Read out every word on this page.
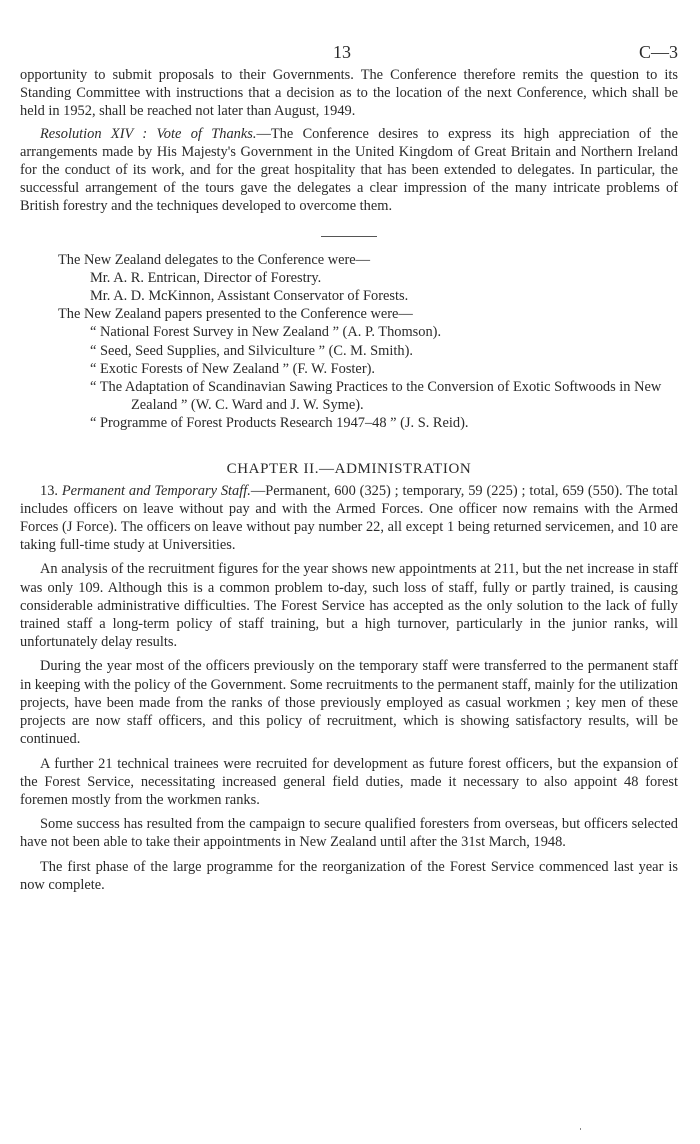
13	C—3

opportunity to submit proposals to their Governments. The Conference therefore remits the question to its Standing Committee with instructions that a decision as to the location of the next Conference, which shall be held in 1952, shall be reached not later than August, 1949.

Resolution XIV : Vote of Thanks.—The Conference desires to express its high appreciation of the arrangements made by His Majesty's Government in the United Kingdom of Great Britain and Northern Ireland for the conduct of its work, and for the great hospitality that has been extended to delegates. In particular, the successful arrangement of the tours gave the delegates a clear impression of the many intricate problems of British forestry and the techniques developed to overcome them.

The New Zealand delegates to the Conference were—
Mr. A. R. Entrican, Director of Forestry.
Mr. A. D. McKinnon, Assistant Conservator of Forests.
The New Zealand papers presented to the Conference were—
“ National Forest Survey in New Zealand ” (A. P. Thomson).
“ Seed, Seed Supplies, and Silviculture ” (C. M. Smith).
“ Exotic Forests of New Zealand ” (F. W. Foster).
“ The Adaptation of Scandinavian Sawing Practices to the Conversion of Exotic Softwoods in New Zealand ” (W. C. Ward and J. W. Syme).
“ Programme of Forest Products Research 1947–48 ” (J. S. Reid).
CHAPTER II.—ADMINISTRATION

13. Permanent and Temporary Staff.—Permanent, 600 (325) ; temporary, 59 (225) ; total, 659 (550). The total includes officers on leave without pay and with the Armed Forces. One officer now remains with the Armed Forces (J Force). The officers on leave without pay number 22, all except 1 being returned servicemen, and 10 are taking full-time study at Universities.

An analysis of the recruitment figures for the year shows new appointments at 211, but the net increase in staff was only 109. Although this is a common problem to-day, such loss of staff, fully or partly trained, is causing considerable administrative difficulties. The Forest Service has accepted as the only solution to the lack of fully trained staff a long-term policy of staff training, but a high turnover, particularly in the junior ranks, will unfortunately delay results.

During the year most of the officers previously on the temporary staff were transferred to the permanent staff in keeping with the policy of the Government. Some recruitments to the permanent staff, mainly for the utilization projects, have been made from the ranks of those previously employed as casual workmen ; key men of these projects are now staff officers, and this policy of recruitment, which is showing satisfactory results, will be continued.

A further 21 technical trainees were recruited for development as future forest officers, but the expansion of the Forest Service, necessitating increased general field duties, made it necessary to also appoint 48 forest foremen mostly from the workmen ranks.

Some success has resulted from the campaign to secure qualified foresters from overseas, but officers selected have not been able to take their appointments in New Zealand until after the 31st March, 1948.

The first phase of the large programme for the reorganization of the Forest Service commenced last year is now complete.
